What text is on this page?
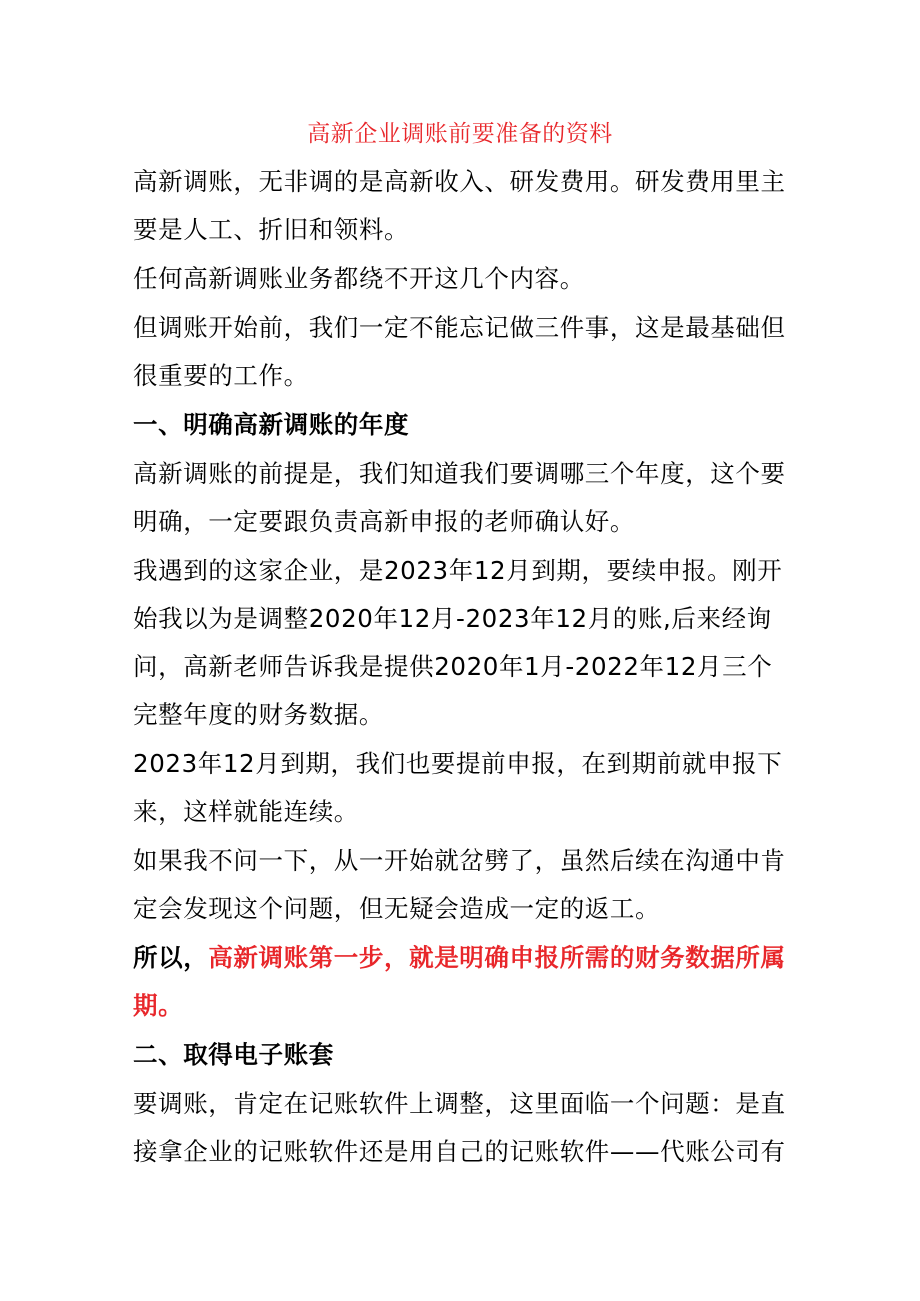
高新企业调账前要准备的资料

高新调账，无非调的是高新收入、研发费用。研发费用里主要是人工、折旧和领料。

任何高新调账业务都绕不开这几个内容。

但调账开始前，我们一定不能忘记做三件事，这是最基础但很重要的工作。

一、明确高新调账的年度

高新调账的前提是，我们知道我们要调哪三个年度，这个要明确，一定要跟负责高新申报的老师确认好。

我遇到的这家企业，是2023年12月到期，要续申报。刚开始我以为是调整2020年12月-2023年12月的账,后来经询问，高新老师告诉我是提供2020年1月-2022年12月三个完整年度的财务数据。

2023年12月到期，我们也要提前申报，在到期前就申报下来，这样就能连续。

如果我不问一下，从一开始就岔劈了，虽然后续在沟通中肯定会发现这个问题，但无疑会造成一定的返工。

所以，高新调账第一步，就是明确申报所需的财务数据所属期。

二、取得电子账套

要调账，肯定在记账软件上调整，这里面临一个问题：是直接拿企业的记账软件还是用自己的记账软件——代账公司有
